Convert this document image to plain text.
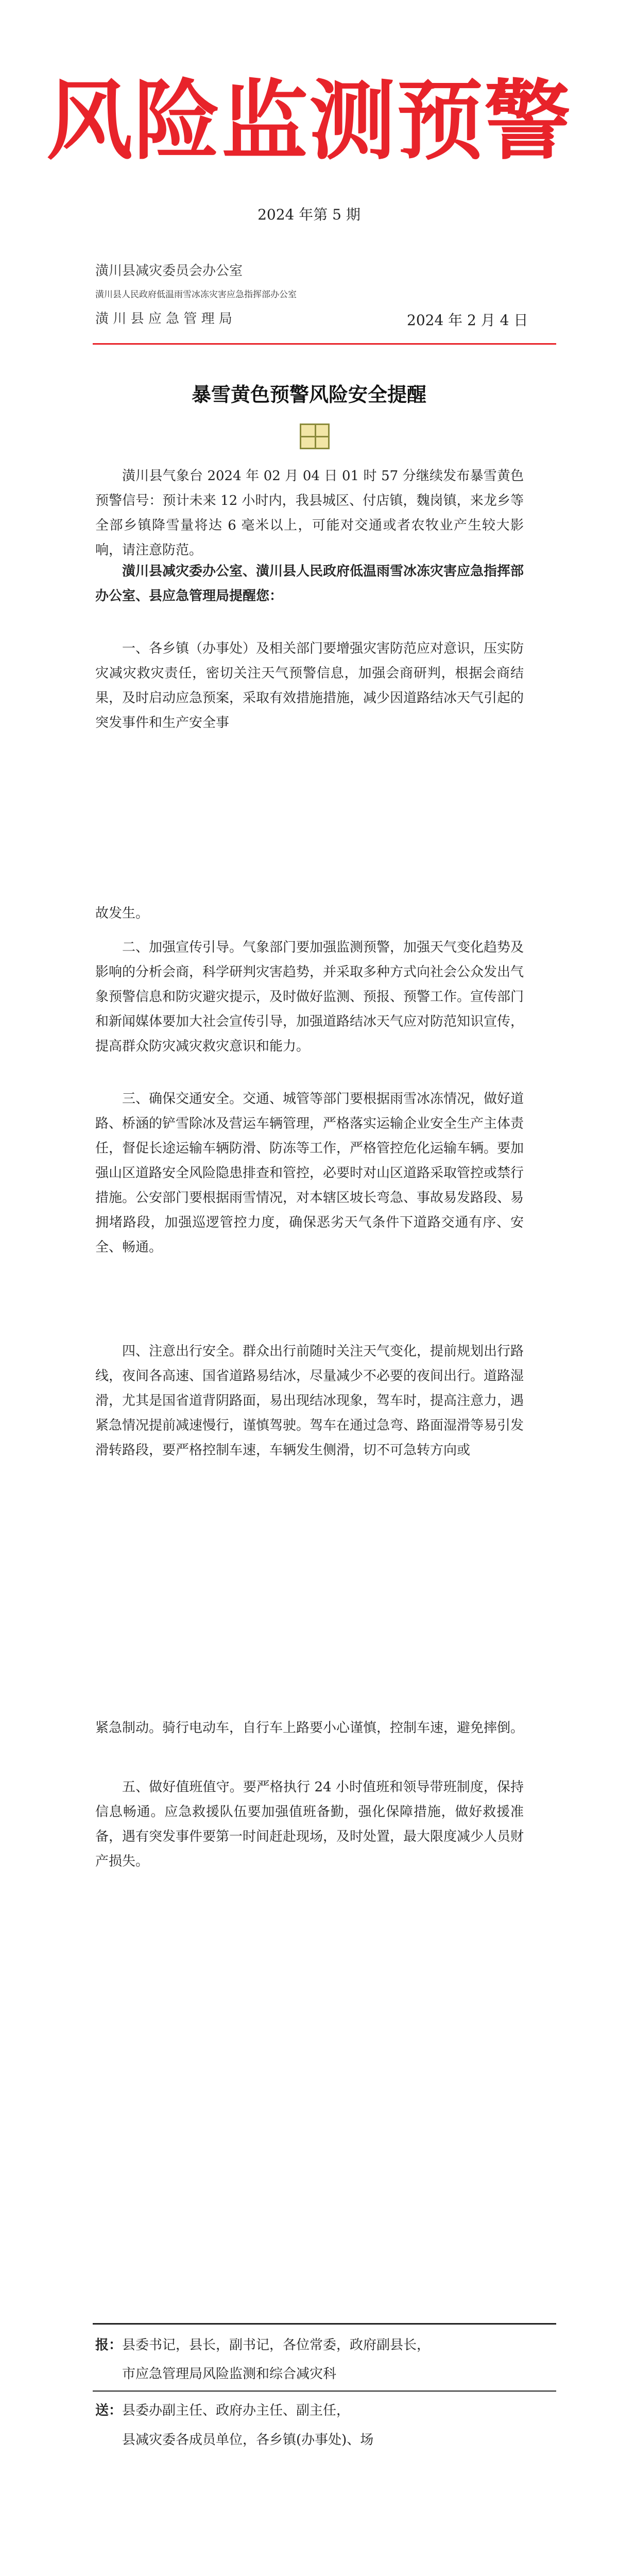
风险监测预警
2024 年第 5 期
潢川县减灾委员会办公室
潢川县人民政府低温雨雪冰冻灾害应急指挥部办公室
潢 川 县 应 急 管 理 局	2024 年 2 月 4 日
暴雪黄色预警风险安全提醒

潢川县气象台 2024 年 02 月 04 日 01 时 57 分继续发布暴雪黄色预警信号：预计未来 12 小时内，我县城区、付店镇，魏岗镇，来龙乡等全部乡镇降雪量将达 6 毫米以上，可能对交通或者农牧业产生较大影响，请注意防范。

潢川县减灾委办公室、潢川县人民政府低温雨雪冰冻灾害应急指挥部办公室、县应急管理局提醒您：

一、各乡镇（办事处）及相关部门要增强灾害防范应对意识，压实防灾减灾救灾责任，密切关注天气预警信息，加强会商研判，根据会商结果，及时启动应急预案，采取有效措施措施，减少因道路结冰天气引起的突发事件和生产安全事

故发生。

二、加强宣传引导。气象部门要加强监测预警，加强天气变化趋势及影响的分析会商，科学研判灾害趋势，并采取多种方式向社会公众发出气象预警信息和防灾避灾提示，及时做好监测、预报、预警工作。宣传部门和新闻媒体要加大社会宣传引导，加强道路结冰天气应对防范知识宣传，提高群众防灾减灾救灾意识和能力。

三、确保交通安全。交通、城管等部门要根据雨雪冰冻情况，做好道路、桥涵的铲雪除冰及营运车辆管理，严格落实运输企业安全生产主体责任，督促长途运输车辆防滑、防冻等工作，严格管控危化运输车辆。要加强山区道路安全风险隐患排查和管控，必要时对山区道路采取管控或禁行措施。公安部门要根据雨雪情况，对本辖区坡长弯急、事故易发路段、易拥堵路段，加强巡逻管控力度，确保恶劣天气条件下道路交通有序、安全、畅通。

四、注意出行安全。群众出行前随时关注天气变化，提前规划出行路线，夜间各高速、国省道路易结冰，尽量减少不必要的夜间出行。道路湿滑，尤其是国省道背阴路面，易出现结冰现象，驾车时，提高注意力，遇紧急情况提前减速慢行，谨慎驾驶。驾车在通过急弯、路面湿滑等易引发滑转路段，要严格控制车速，车辆发生侧滑，切不可急转方向或

紧急制动。骑行电动车，自行车上路要小心谨慎，控制车速，避免摔倒。

五、做好值班值守。要严格执行 24 小时值班和领导带班制度，保持信息畅通。应急救援队伍要加强值班备勤，强化保障措施，做好救援准备，遇有突发事件要第一时间赶赴现场，及时处置，最大限度减少人员财产损失。

报：县委书记，县长，副书记，各位常委，政府副县长，
市应急管理局风险监测和综合减灾科
送：县委办副主任、政府办主任、副主任，
县减灾委各成员单位，各乡镇(办事处)、场
